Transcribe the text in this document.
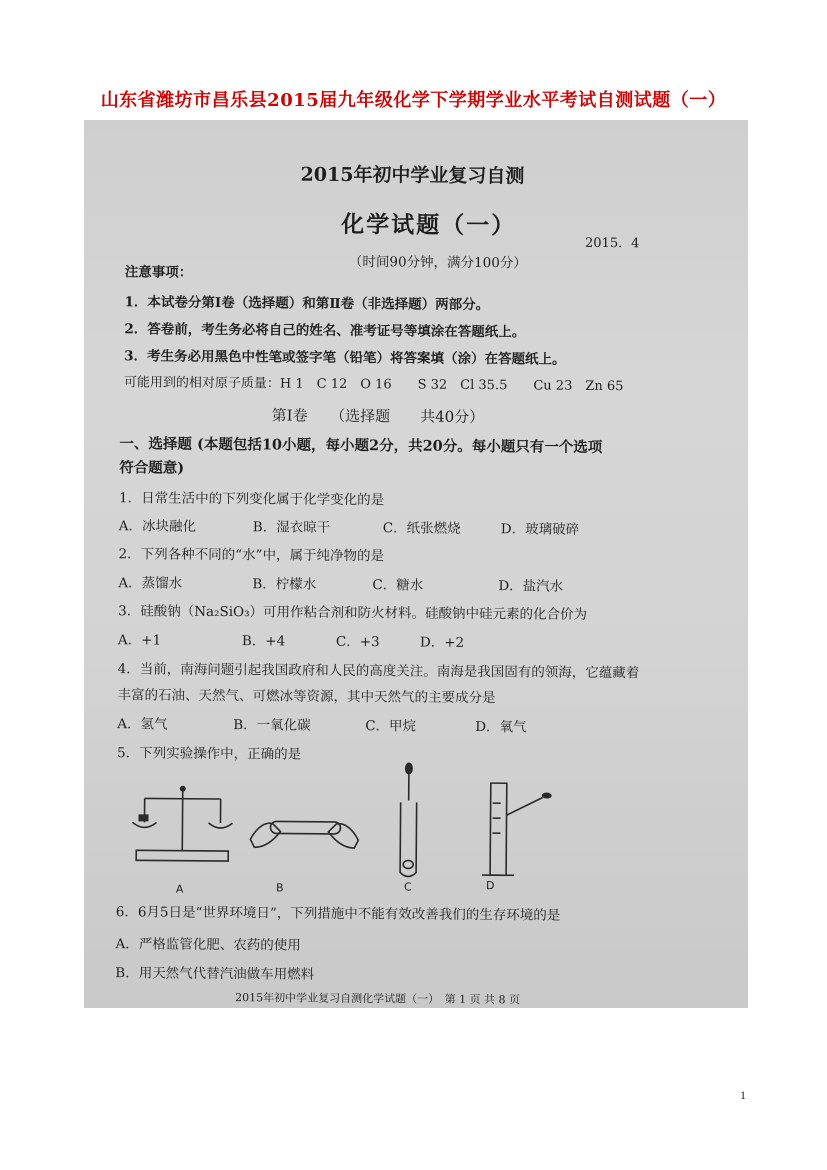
山东省潍坊市昌乐县2015届九年级化学下学期学业水平考试自测试题（一）
2015年初中学业复习自测
化学试题（一）
2015．4
（时间90分钟，满分100分）
注意事项：
1．本试卷分第Ⅰ卷（选择题）和第Ⅱ卷（非选择题）两部分。
2．答卷前，考生务必将自己的姓名、准考证号等填涂在答题纸上。
3．考生务必用黑色中性笔或签字笔（铅笔）将答案填（涂）在答题纸上。
可能用到的相对原子质量：H 1　C 12　O 16　　S 32　Cl 35.5　　Cu 23　Zn 65
第Ⅰ卷　　（选择题　　共40分）
一、选择题 (本题包括10小题，每小题2分，共20分。每小题只有一个选项
符合题意)
1．日常生活中的下列变化属于化学变化的是
A．冰块融化	B．湿衣晾干	C．纸张燃烧	D．玻璃破碎
2．下列各种不同的“水”中，属于纯净物的是
A．蒸馏水	B．柠檬水	C．糖水	D．盐汽水
3．硅酸钠（Na₂SiO₃）可用作粘合剂和防火材料。硅酸钠中硅元素的化合价为
A．+1	B．+4	C．+3	D．+2
4．当前，南海问题引起我国政府和人民的高度关注。南海是我国固有的领海，它蕴藏着
丰富的石油、天然气、可燃冰等资源，其中天然气的主要成分是
A．氢气	B．一氧化碳	C．甲烷	D．氧气
5．下列实验操作中，正确的是
A	B	C	D
6．6月5日是“世界环境日”，下列措施中不能有效改善我们的生存环境的是
A．严格监管化肥、农药的使用
B．用天然气代替汽油做车用燃料
2015年初中学业复习自测化学试题（一）　第 1 页 共 8 页
1
